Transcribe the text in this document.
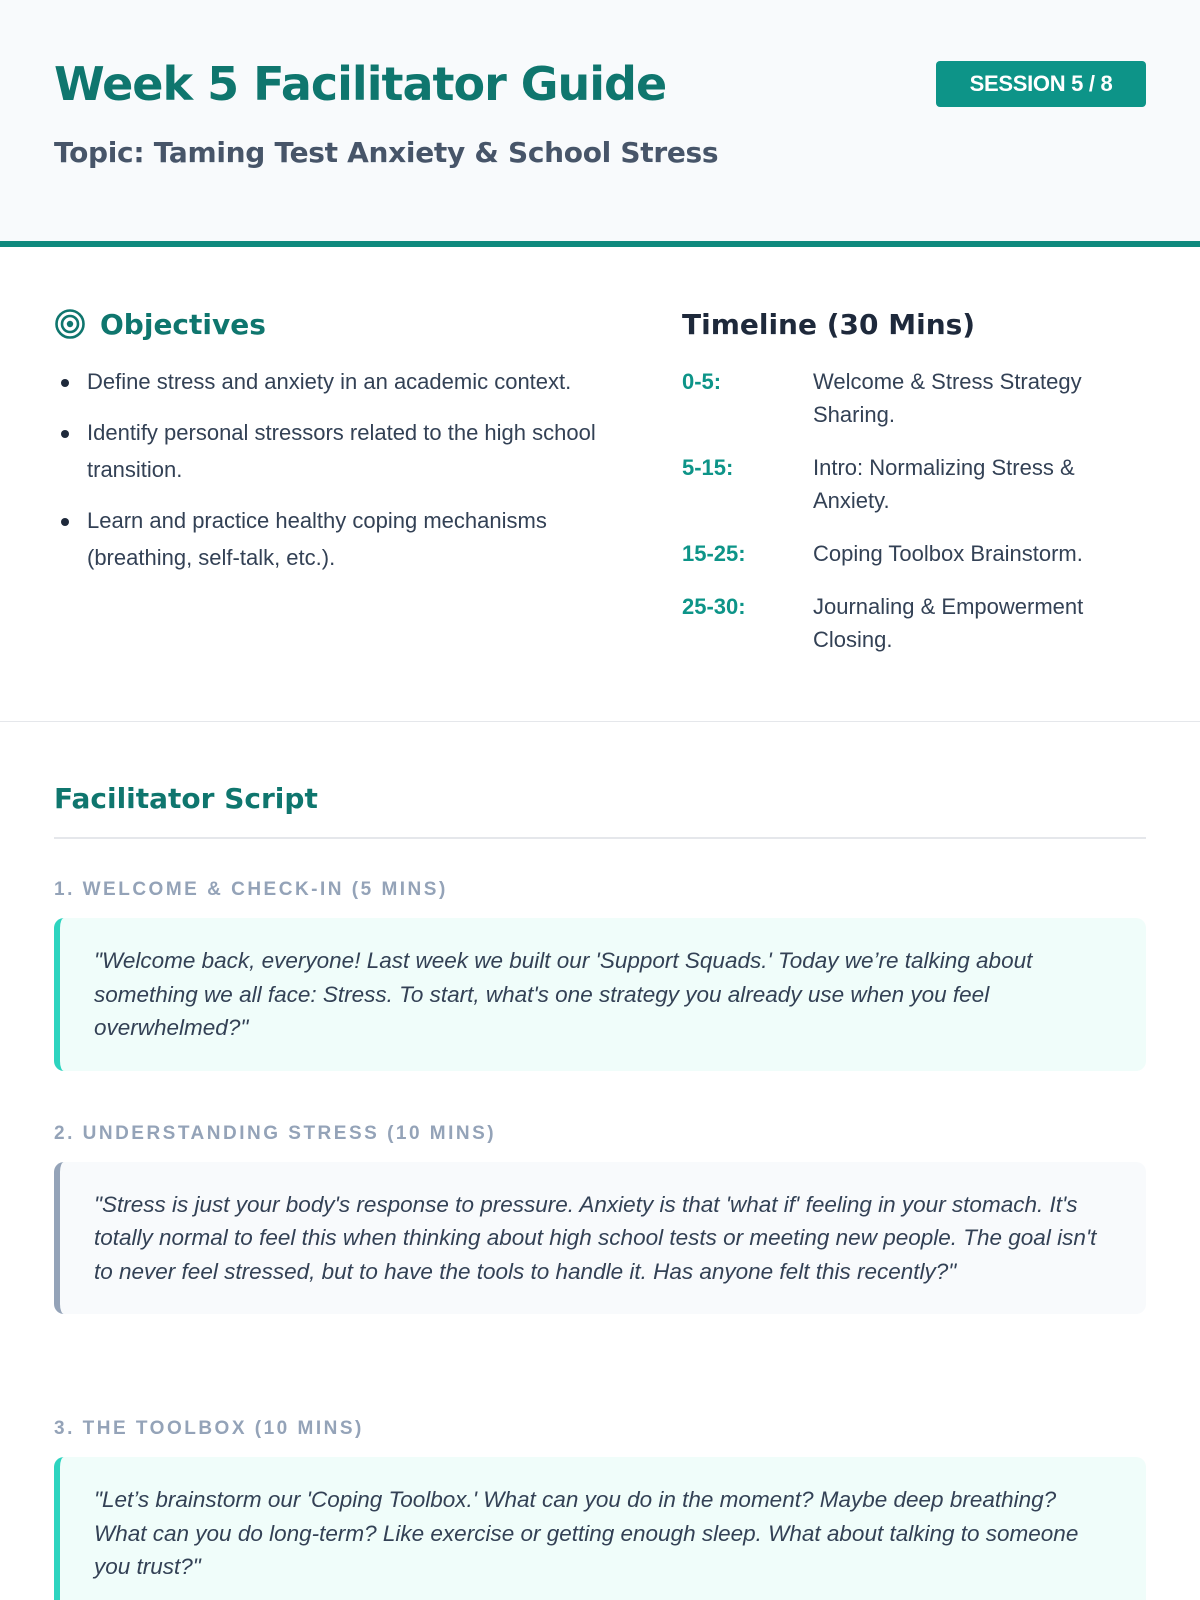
Week 5 Facilitator Guide
Topic: Taming Test Anxiety & School Stress
SESSION 5 / 8
Objectives
Define stress and anxiety in an academic context.
Identify personal stressors related to the high school transition.
Learn and practice healthy coping mechanisms (breathing, self-talk, etc.).
Timeline (30 Mins)
0-5:	Welcome & Stress Strategy Sharing.
5-15:	Intro: Normalizing Stress & Anxiety.
15-25:	Coping Toolbox Brainstorm.
25-30:	Journaling & Empowerment Closing.
Facilitator Script
1. WELCOME & CHECK-IN (5 MINS)
"Welcome back, everyone! Last week we built our 'Support Squads.' Today we’re talking about something we all face: Stress. To start, what's one strategy you already use when you feel overwhelmed?"
2. UNDERSTANDING STRESS (10 MINS)
"Stress is just your body's response to pressure. Anxiety is that 'what if' feeling in your stomach. It's totally normal to feel this when thinking about high school tests or meeting new people. The goal isn't to never feel stressed, but to have the tools to handle it. Has anyone felt this recently?"
3. THE TOOLBOX (10 MINS)
"Let’s brainstorm our 'Coping Toolbox.' What can you do in the moment? Maybe deep breathing? What can you do long-term? Like exercise or getting enough sleep. What about talking to someone you trust?"
